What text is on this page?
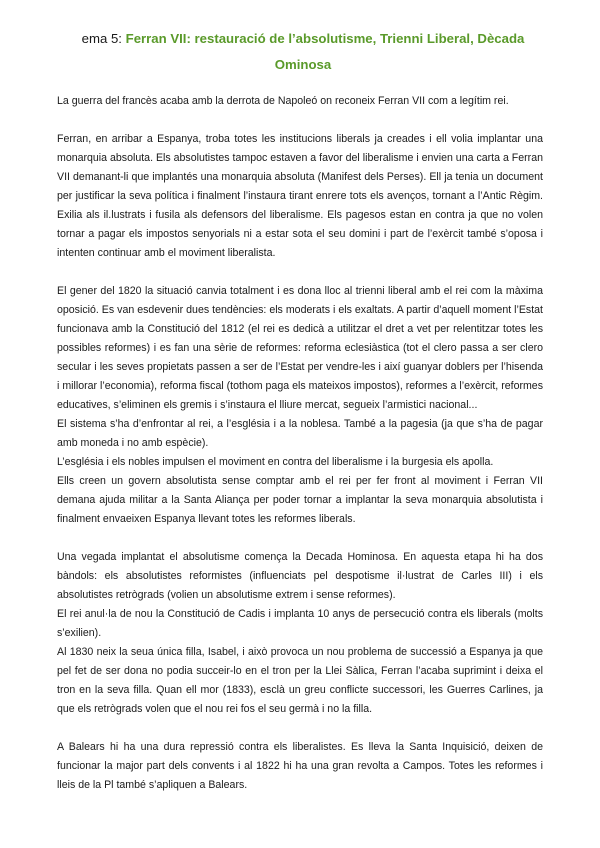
ema 5: Ferran VII: restauració de l’absolutisme, Trienni Liberal, Dècada Ominosa

La guerra del francès acaba amb la derrota de Napoleó on reconeix Ferran VII com a legítim rei.

Ferran, en arribar a Espanya, troba totes les institucions liberals ja creades i ell volia implantar una monarquia absoluta. Els absolutistes tampoc estaven a favor del liberalisme i envien una carta a Ferran VII demanant-li que implantés una monarquia absoluta (Manifest dels Perses). Ell ja tenia un document per justificar la seva política i finalment l’instaura tirant enrere tots els avenços, tornant a l’Antic Règim. Exilia als il.lustrats i fusila als defensors del liberalisme. Els pagesos estan en contra ja que no volen tornar a pagar els impostos senyorials ni a estar sota el seu domini i part de l’exèrcit també s’oposa i intenten continuar amb el moviment liberalista.

El gener del 1820 la situació canvia totalment i es dona lloc al trienni liberal amb el rei com la màxima oposició. Es van esdevenir dues tendències: els moderats i els exaltats. A partir d’aquell moment l’Estat funcionava amb la Constitució del 1812 (el rei es dedicà a utilitzar el dret a vet per relentitzar totes les possibles reformes) i es fan una sèrie de reformes: reforma eclesiàstica (tot el clero passa a ser clero secular i les seves propietats passen a ser de l’Estat per vendre-les i així guanyar doblers per l’hisenda i millorar l’economia), reforma fiscal (tothom paga els mateixos impostos), reformes a l’exèrcit, reformes educatives, s’eliminen els gremis i s’instaura el lliure mercat, segueix l’armistici nacional...

El sistema s’ha d’enfrontar al rei, a l’església i a la noblesa. També a la pagesia (ja que s’ha de pagar amb moneda i no amb espècie).

L’església i els nobles impulsen el moviment en contra del liberalisme i la burgesia els apolla.

Ells creen un govern absolutista sense comptar amb el rei per fer front al moviment i Ferran VII demana ajuda militar a la Santa Aliança per poder tornar a implantar la seva monarquia absolutista i finalment envaeixen Espanya llevant totes les reformes liberals.

Una vegada implantat el absolutisme comença la Decada Hominosa. En aquesta etapa hi ha dos bàndols: els absolutistes reformistes (influenciats pel despotisme il·lustrat de Carles III) i els absolutistes retrògrads (volien un absolutisme extrem i sense reformes).

El rei anul·la de nou la Constitució de Cadis i implanta 10 anys de persecució contra els liberals (molts s’exilien).

Al 1830 neix la seua única filla, Isabel, i això provoca un nou problema de successió a Espanya ja que pel fet de ser dona no podia succeir-lo en el tron per la Llei Sàlica, Ferran l’acaba suprimint i deixa el tron en la seva filla. Quan ell mor (1833), esclà un greu conflicte successori, les Guerres Carlines, ja que els retrògrads volen que el nou rei fos el seu germà i no la filla.

A Balears hi ha una dura repressió contra els liberalistes. Es lleva la Santa Inquisició, deixen de funcionar la major part dels convents i al 1822 hi ha una gran revolta a Campos. Totes les reformes i lleis de la Pl també s’apliquen a Balears.
